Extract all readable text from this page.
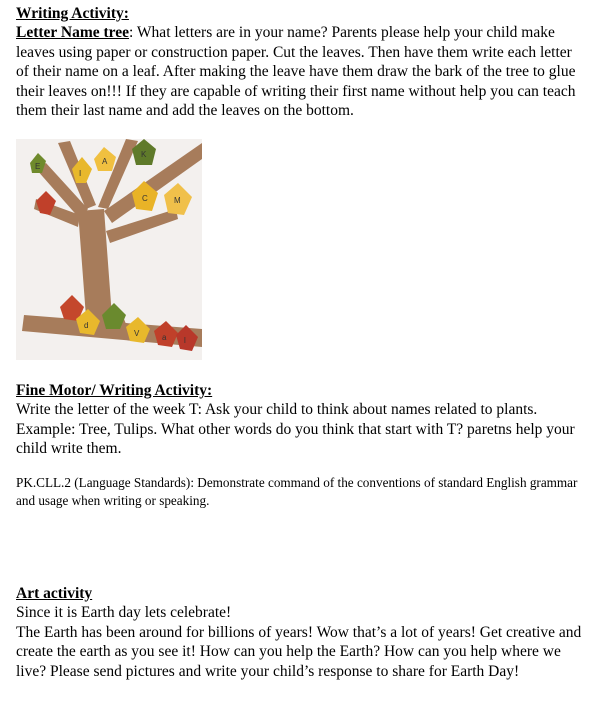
Writing Activity:

Letter Name tree: What letters are in your name? Parents please help your child make leaves using paper or construction paper. Cut the leaves. Then have them write each letter of their name on a leaf. After making the leave have them draw the bark of the tree to glue their leaves on!!! If they are capable of writing their first name without help you can teach them their last name and add the leaves on the bottom.

E
I
A
K
C	M
d
V	a l
Fine Motor/ Writing Activity:

Write the letter of the week T: Ask your child to think about names related to plants. Example: Tree, Tulips. What other words do you think that start with T? paretns help your child write them.

PK.CLL.2 (Language Standards): Demonstrate command of the conventions of standard English grammar and usage when writing or speaking.

Art activity

Since it is Earth day lets celebrate!

The Earth has been around for billions of years! Wow that’s a lot of years! Get creative and create the earth as you see it! How can you help the Earth? How can you help where we live? Please send pictures and write your child’s response to share for Earth Day!
